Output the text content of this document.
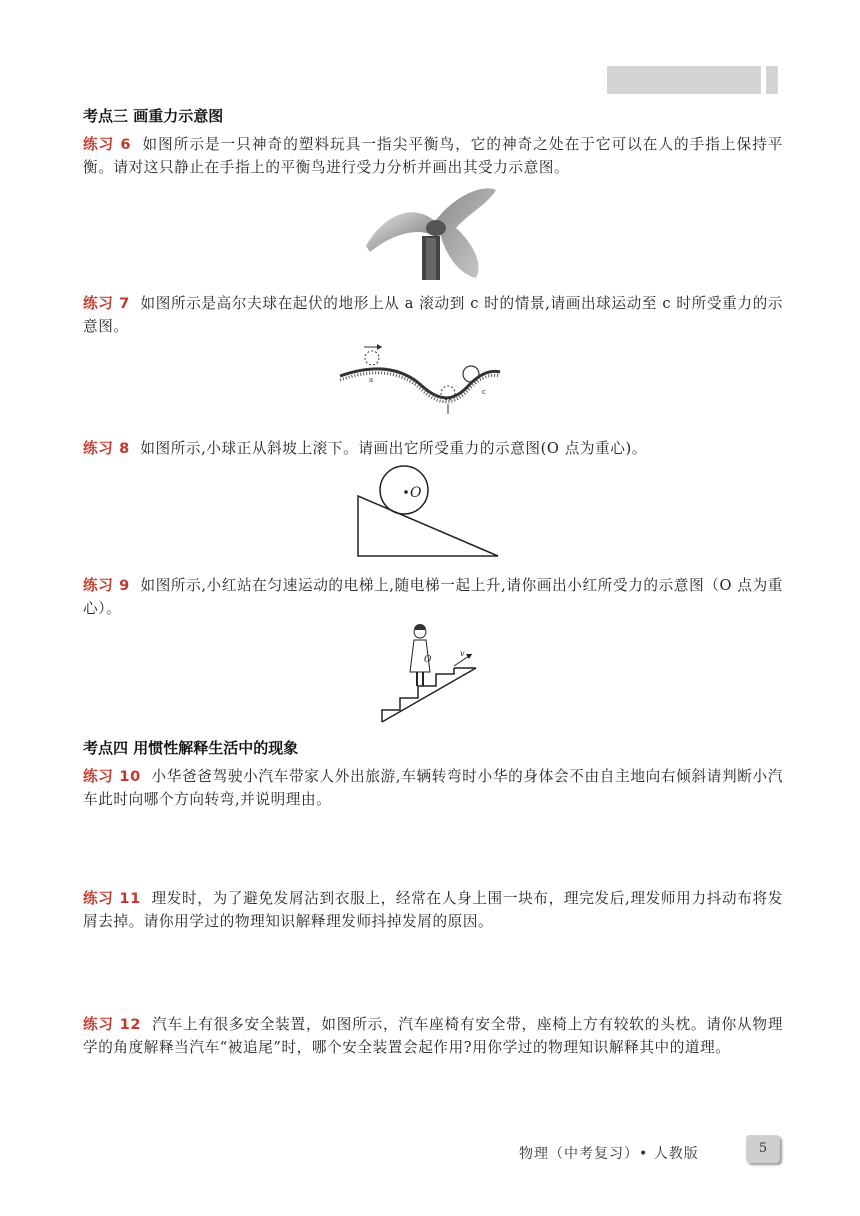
考点三 画重力示意图
练习 6 如图所示是一只神奇的塑料玩具一指尖平衡鸟，它的神奇之处在于它可以在人的手指上保持平衡。请对这只静止在手指上的平衡鸟进行受力分析并画出其受力示意图。
练习 7 如图所示是高尔夫球在起伏的地形上从 a 滚动到 c 时的情景,请画出球运动至 c 时所受重力的示意图。
a
c
练习 8 如图所示,小球正从斜坡上滚下。请画出它所受重力的示意图(O 点为重心)。
O
练习 9 如图所示,小红站在匀速运动的电梯上,随电梯一起上升,请你画出小红所受力的示意图（O 点为重心）。
O
v
考点四 用惯性解释生活中的现象
练习 10 小华爸爸驾驶小汽车带家人外出旅游,车辆转弯时小华的身体会不由自主地向右倾斜请判断小汽车此时向哪个方向转弯,并说明理由。
练习 11 理发时，为了避免发屑沾到衣服上，经常在人身上围一块布，理完发后,理发师用力抖动布将发屑去掉。请你用学过的物理知识解释理发师抖掉发屑的原因。
练习 12 汽车上有很多安全装置，如图所示，汽车座椅有安全带，座椅上方有较软的头枕。请你从物理学的角度解释当汽车“被追尾”时，哪个安全装置会起作用?用你学过的物理知识解释其中的道理。
物理（中考复习）• 人教版	5
